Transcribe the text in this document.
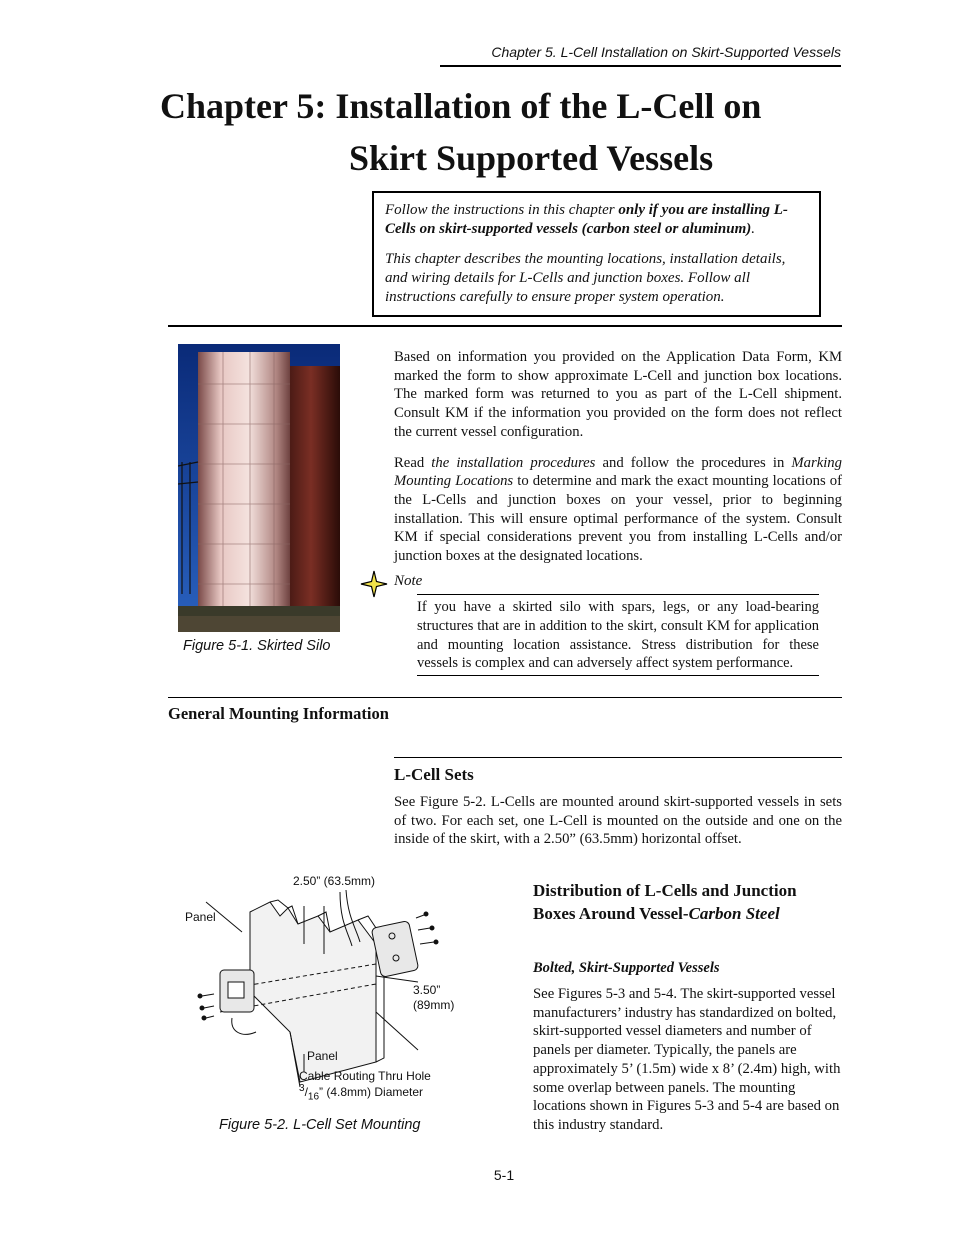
Chapter 5. L-Cell Installation on Skirt-Supported Vessels
Chapter 5: Installation of the L-Cell on
Skirt Supported Vessels

Follow the instructions in this chapter only if you are installing L-Cells on skirt-supported vessels (carbon steel or aluminum).

This chapter describes the mounting locations, installation details, and wiring details for L-Cells and junction boxes. Follow all instructions carefully to ensure proper system operation.

Figure 5-1. Skirted Silo

Based on information you provided on the Application Data Form, KM marked the form to show approximate L-Cell and junction box locations. The marked form was returned to you as part of the L-Cell shipment. Consult KM if the information you provided on the form does not reflect the current vessel configuration.

Read the installation procedures and follow the procedures in Marking Mounting Locations to determine and mark the exact mounting locations of the L-Cells and junction boxes on your vessel, prior to beginning installation. This will ensure optimal performance of the system. Consult KM if special considerations prevent you from installing L-Cells and/or junction boxes at the designated locations.

Note
If you have a skirted silo with spars, legs, or any load-bearing structures that are in addition to the skirt, consult KM for application and mounting location assistance. Stress distribution for these vessels is complex and can adversely affect system performance.
General Mounting Information
L-Cell Sets
See Figure 5-2. L-Cells are mounted around skirt-supported vessels in sets of two. For each set, one L-Cell is mounted on the outside and one on the inside of the skirt, with a 2.50” (63.5mm) horizontal offset.
2.50” (63.5mm)
Panel
3.50”
(89mm)
Panel
Cable Routing Thru Hole
$^3/_{16}$” (4.8mm) Diameter
Figure 5-2. L-Cell Set Mounting
Distribution of L-Cells and Junction Boxes Around Vessel-Carbon Steel
Bolted, Skirt-Supported Vessels
See Figures 5-3 and 5-4. The skirt-supported vessel manufacturers’ industry has standardized on bolted, skirt-supported vessel diameters and number of panels per diameter. Typically, the panels are approximately 5’ (1.5m) wide x 8’ (2.4m) high, with some overlap between panels. The mounting locations shown in Figures 5-3 and 5-4 are based on this industry standard.
5-1
